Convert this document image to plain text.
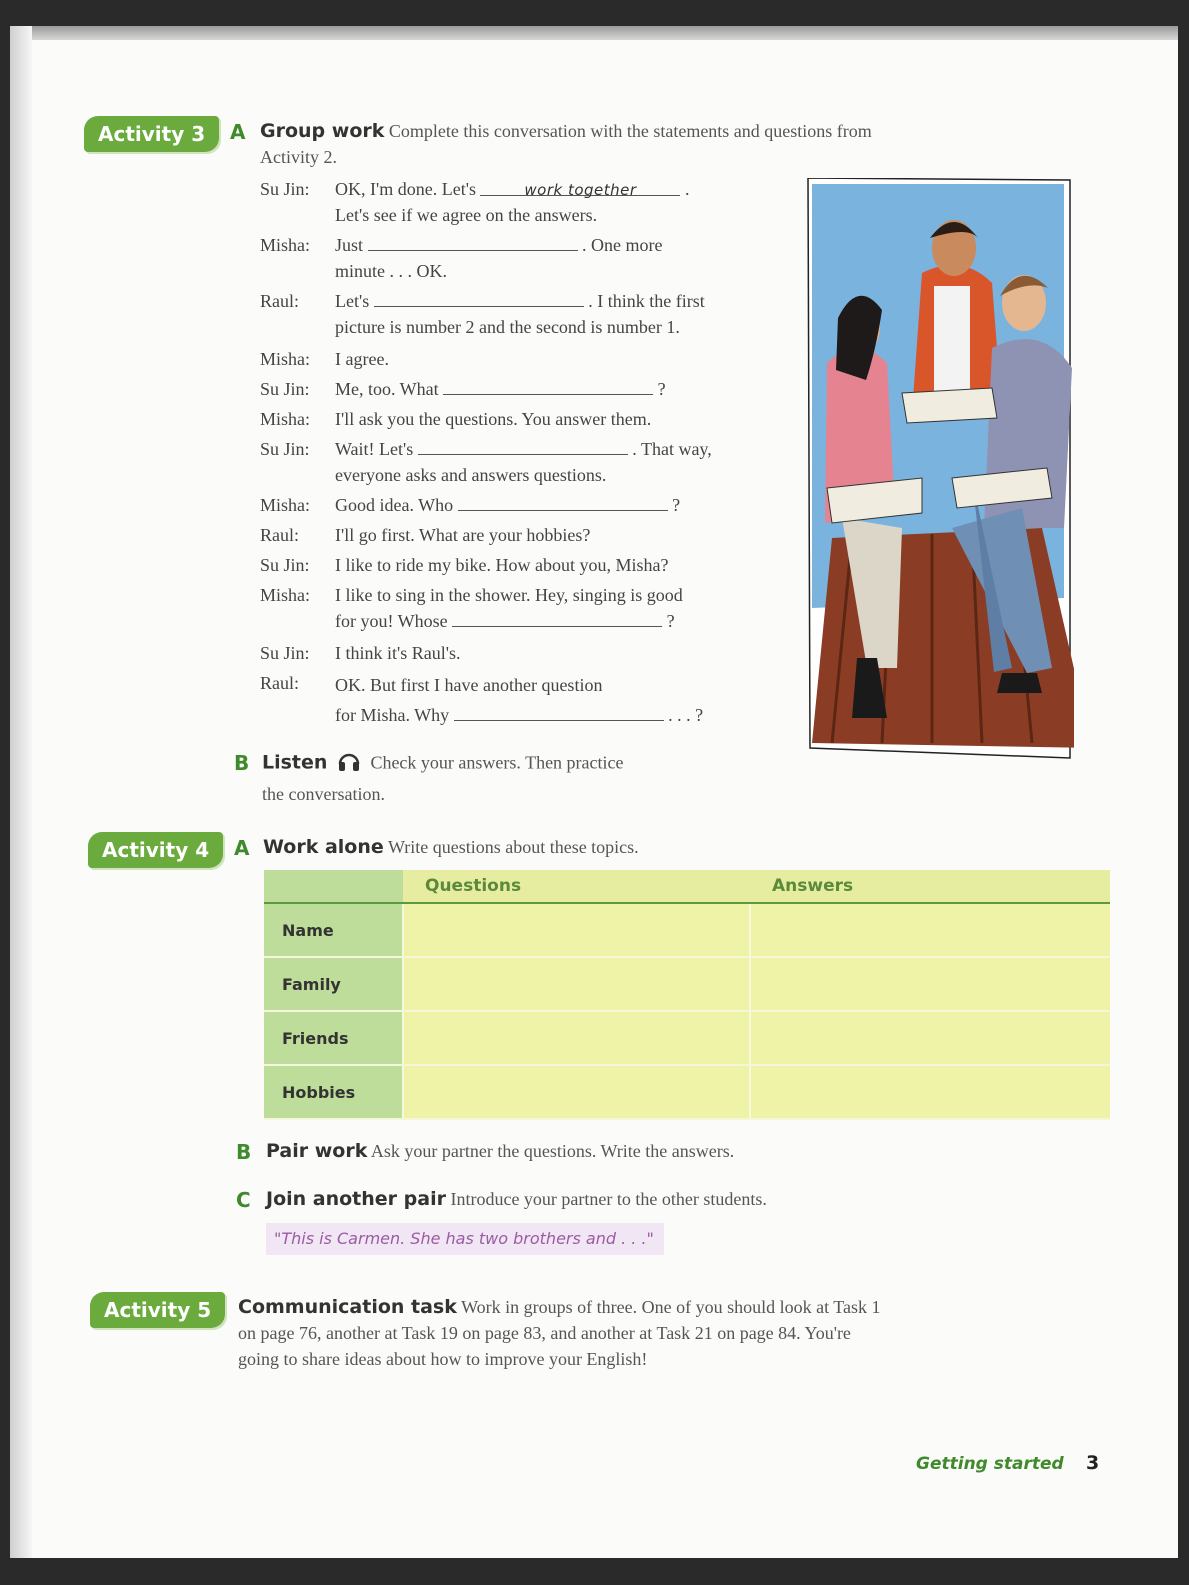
Activity 3	A Group work Complete this conversation with the statements and questions from
Activity 2.
Su Jin:	OK, I'm done. Let's	work together	.
Let's see if we agree on the answers.
Misha:	Just	. One more
minute . . . OK.
Raul:	Let's	. I think the first
picture is number 2 and the second is number 1.
Misha:	I agree.
Su Jin:	Me, too. What	?
Misha:	I'll ask you the questions. You answer them.
Su Jin:	Wait! Let's	. That way,
everyone asks and answers questions.
Misha:	Good idea. Who	?
Raul:	I'll go first. What are your hobbies?
Su Jin:	I like to ride my bike. How about you, Misha?
Misha:	I like to sing in the shower. Hey, singing is good
for you! Whose	?
Su Jin:	I think it's Raul's.
Raul:	OK. But first I have another question
for Misha. Why	. . . ?
B Listen Check your answers. Then practice
the conversation.
Activity 4	A Work alone Write questions about these topics.
	Questions	Answers
Name		
Family		
Friends		
Hobbies		
B Pair work Ask your partner the questions. Write the answers.
C Join another pair Introduce your partner to the other students.
"This is Carmen. She has two brothers and . . ."
Activity 5	Communication task Work in groups of three. One of you should look at Task 1
on page 76, another at Task 19 on page 83, and another at Task 21 on page 84. You're
going to share ideas about how to improve your English!
Getting started 3
